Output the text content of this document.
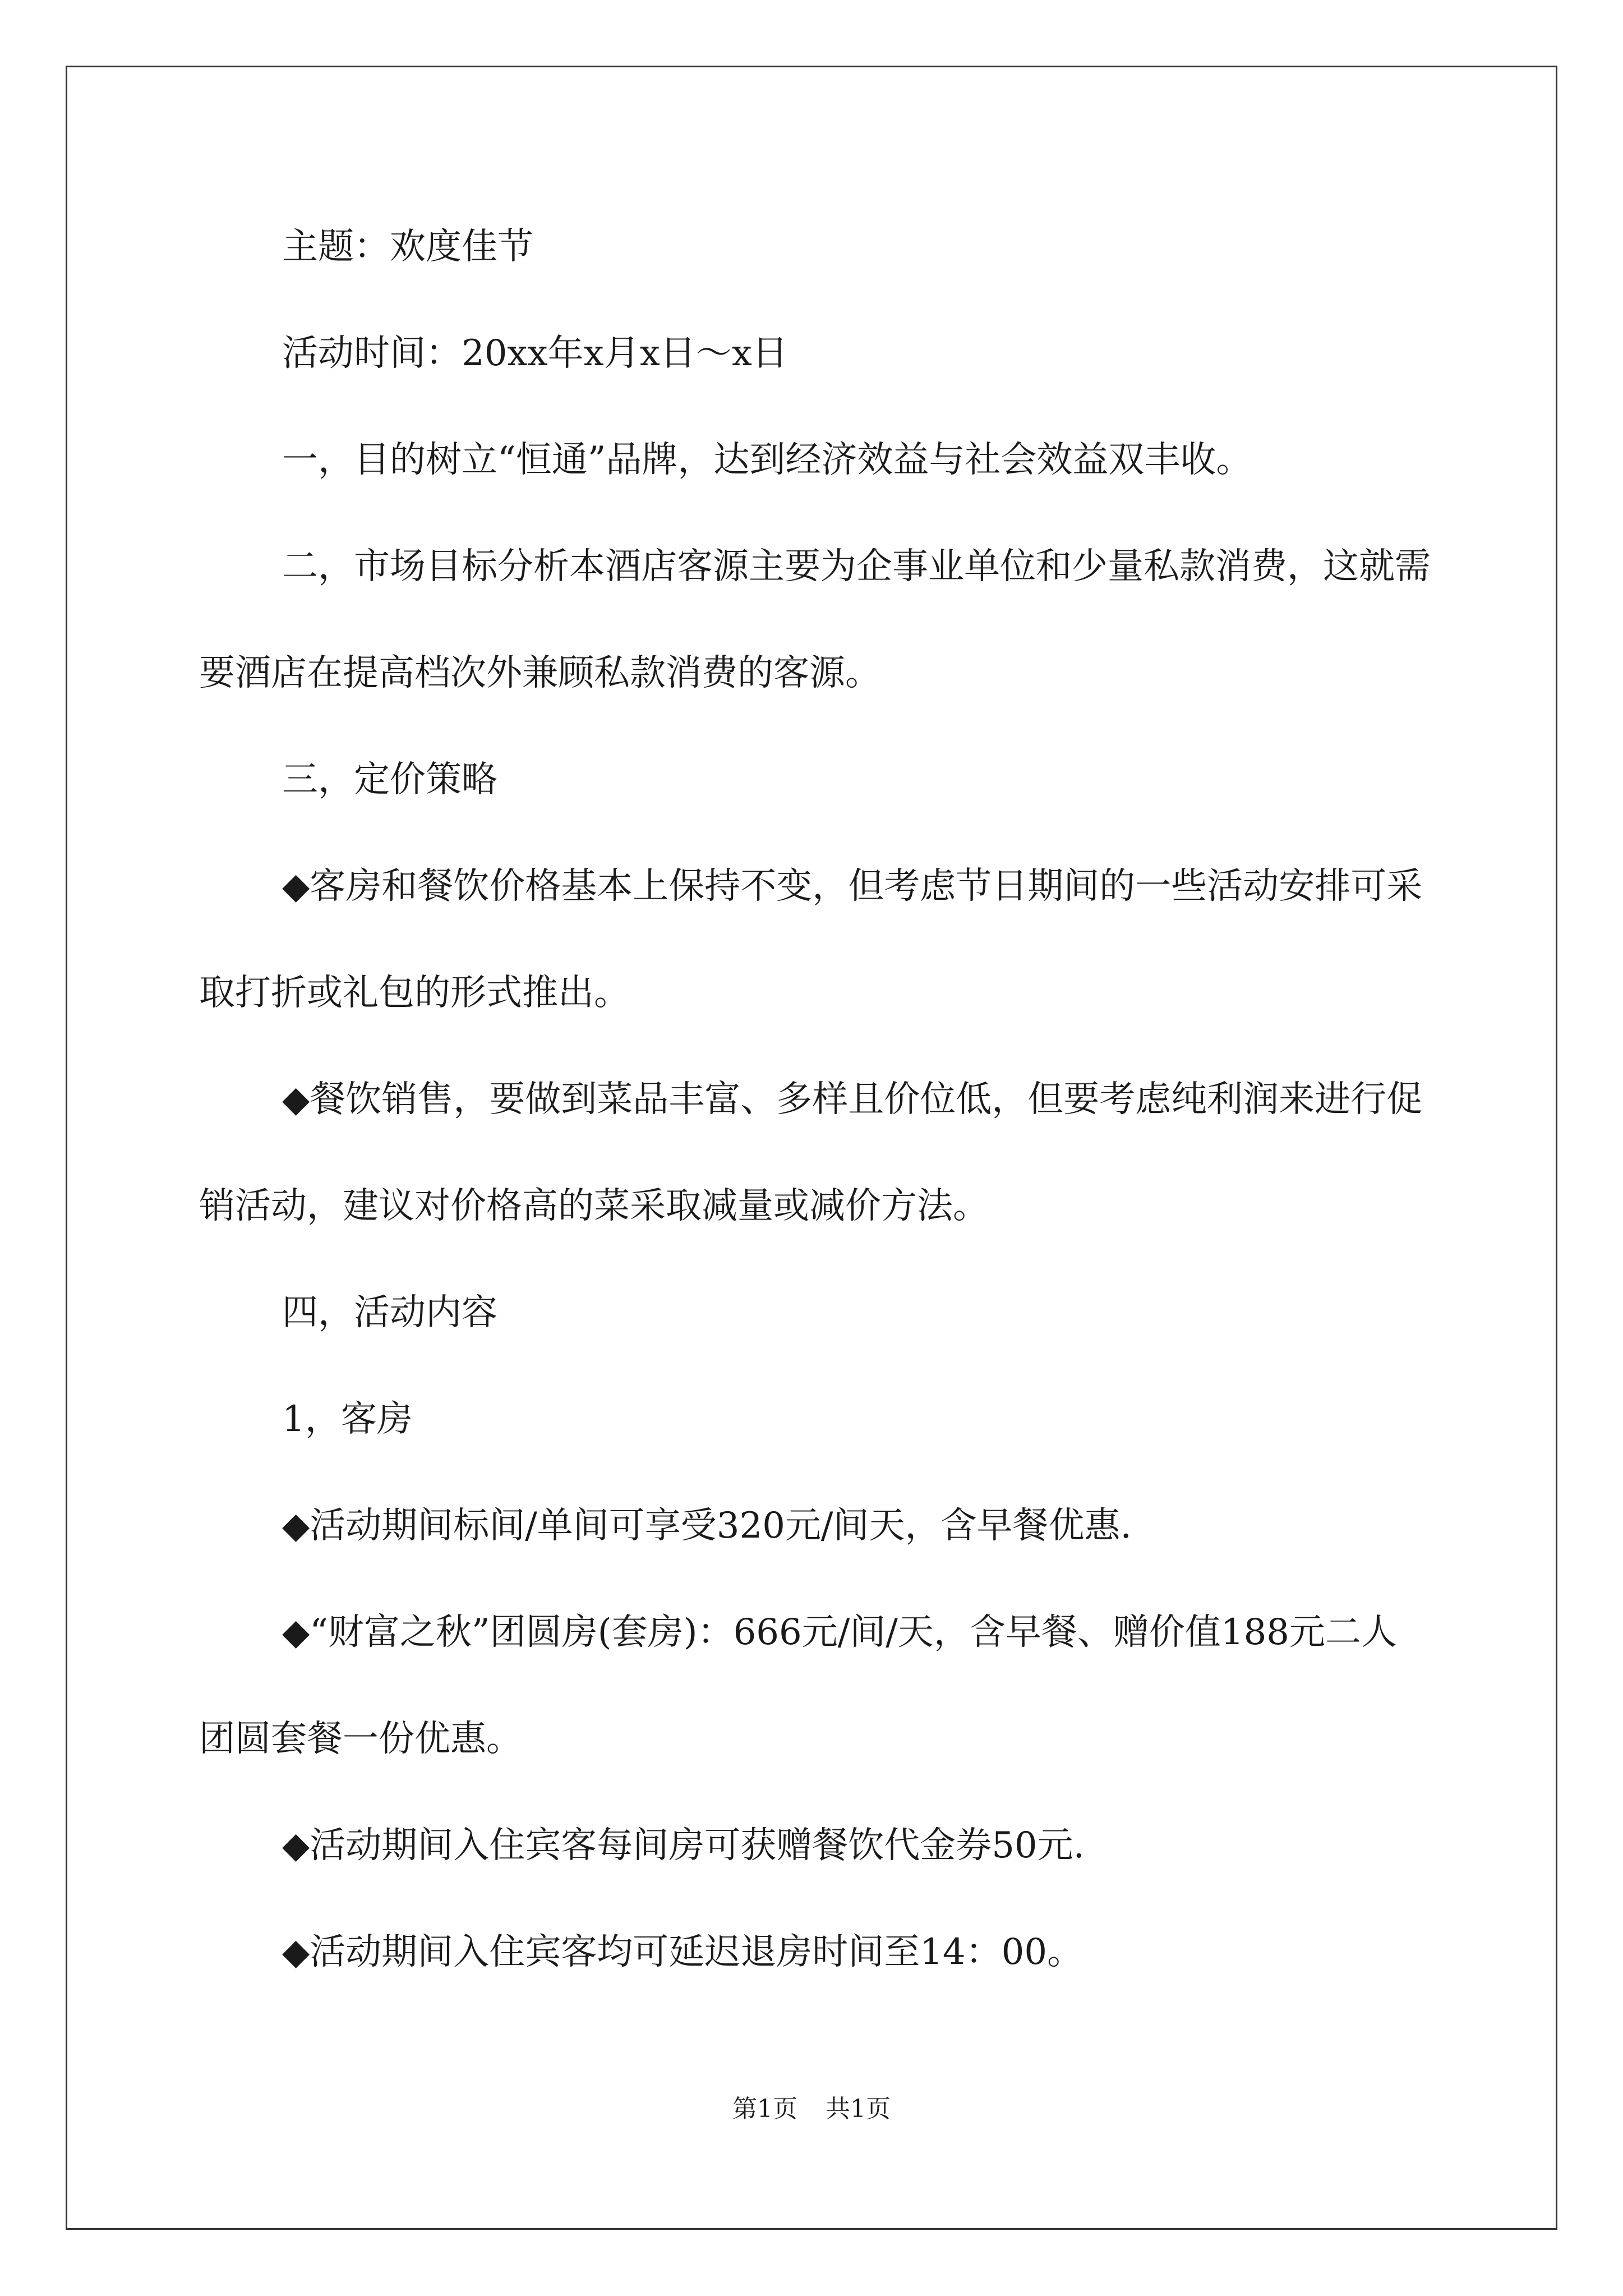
主题：欢度佳节

活动时间：20xx年x月x日～x日

一，目的树立“恒通”品牌，达到经济效益与社会效益双丰收。

二，市场目标分析本酒店客源主要为企事业单位和少量私款消费，这就需要酒店在提高档次外兼顾私款消费的客源。

三，定价策略

◆客房和餐饮价格基本上保持不变，但考虑节日期间的一些活动安排可采取打折或礼包的形式推出。

◆餐饮销售，要做到菜品丰富、多样且价位低，但要考虑纯利润来进行促销活动，建议对价格高的菜采取减量或减价方法。

四，活动内容

1，客房

◆活动期间标间/单间可享受320元/间天，含早餐优惠.

◆“财富之秋”团圆房(套房)：666元/间/天，含早餐、赠价值188元二人团圆套餐一份优惠。

◆活动期间入住宾客每间房可获赠餐饮代金券50元.

◆活动期间入住宾客均可延迟退房时间至14：00。

第1页 共1页
